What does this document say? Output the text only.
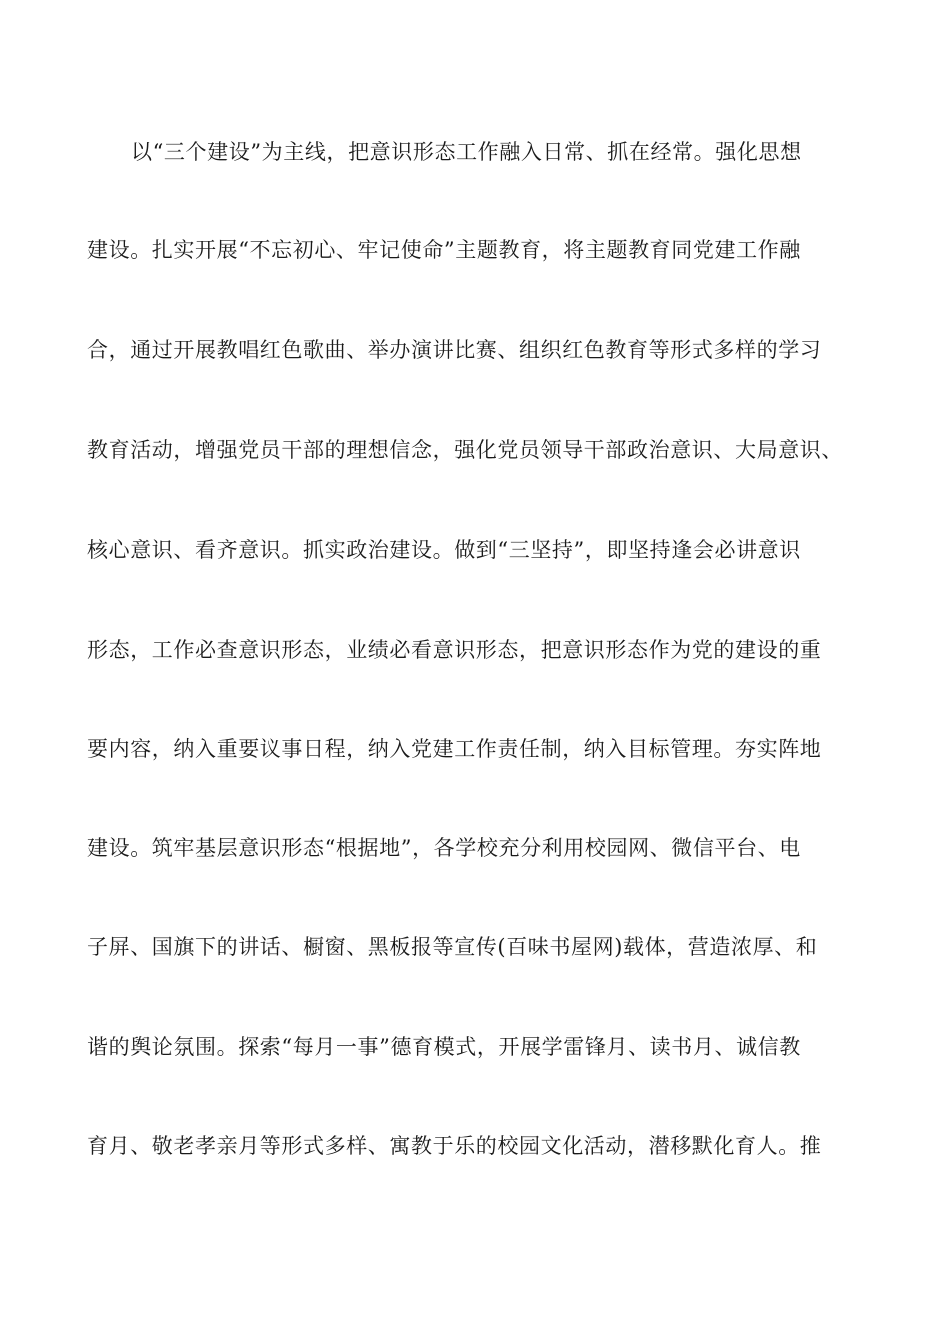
以“三个建设”为主线，把意识形态工作融入日常、抓在经常。强化思想
建设。扎实开展“不忘初心、牢记使命”主题教育，将主题教育同党建工作融
合，通过开展教唱红色歌曲、举办演讲比赛、组织红色教育等形式多样的学习
教育活动，增强党员干部的理想信念，强化党员领导干部政治意识、大局意识、
核心意识、看齐意识。抓实政治建设。做到“三坚持”，即坚持逢会必讲意识
形态，工作必查意识形态，业绩必看意识形态，把意识形态作为党的建设的重
要内容，纳入重要议事日程，纳入党建工作责任制，纳入目标管理。夯实阵地
建设。筑牢基层意识形态“根据地”，各学校充分利用校园网、微信平台、电
子屏、国旗下的讲话、橱窗、黑板报等宣传(百味书屋网)载体，营造浓厚、和
谐的舆论氛围。探索“每月一事”德育模式，开展学雷锋月、读书月、诚信教
育月、敬老孝亲月等形式多样、寓教于乐的校园文化活动，潜移默化育人。推
